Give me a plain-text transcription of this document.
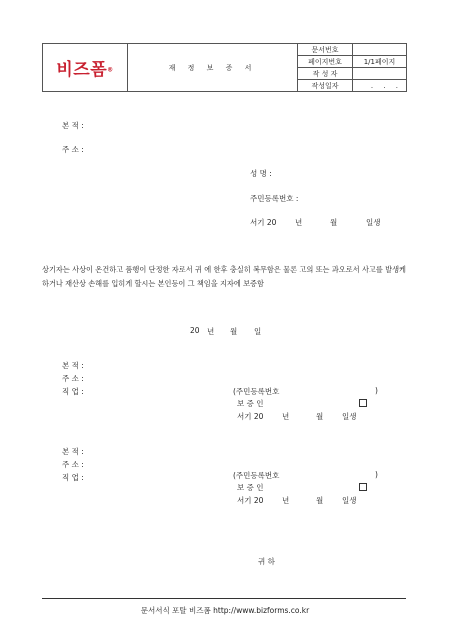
비즈폼®	재 정 보 증 서	문서번호	
		페이지번호	1/1페이지
		작 성 자	
		작성일자	. . .
본 적 :
주 소 :
성 명 :
주민등록번호 :
서기 20 년	월	일생
상기자는 사상이 온건하고 품행이 단정한 자로서 귀 에 한후 충실히 복무함은 물론 고의 또는 과오로서 사고를 발생케 하거나 재산상 손해를 입히게 할시는 본인등이 그 책임을 지자에 보증함
20 년 월 일
본 적 :
주 소 :
직 업 :	(주민등록번호	)
보 증 인
서기 20 년	월	일생
본 적 :
주 소 :
직 업 :	(주민등록번호	)
보 증 인
서기 20 년	월	일생
귀 하
문서서식 포탈 비즈폼 http://www.bizforms.co.kr
